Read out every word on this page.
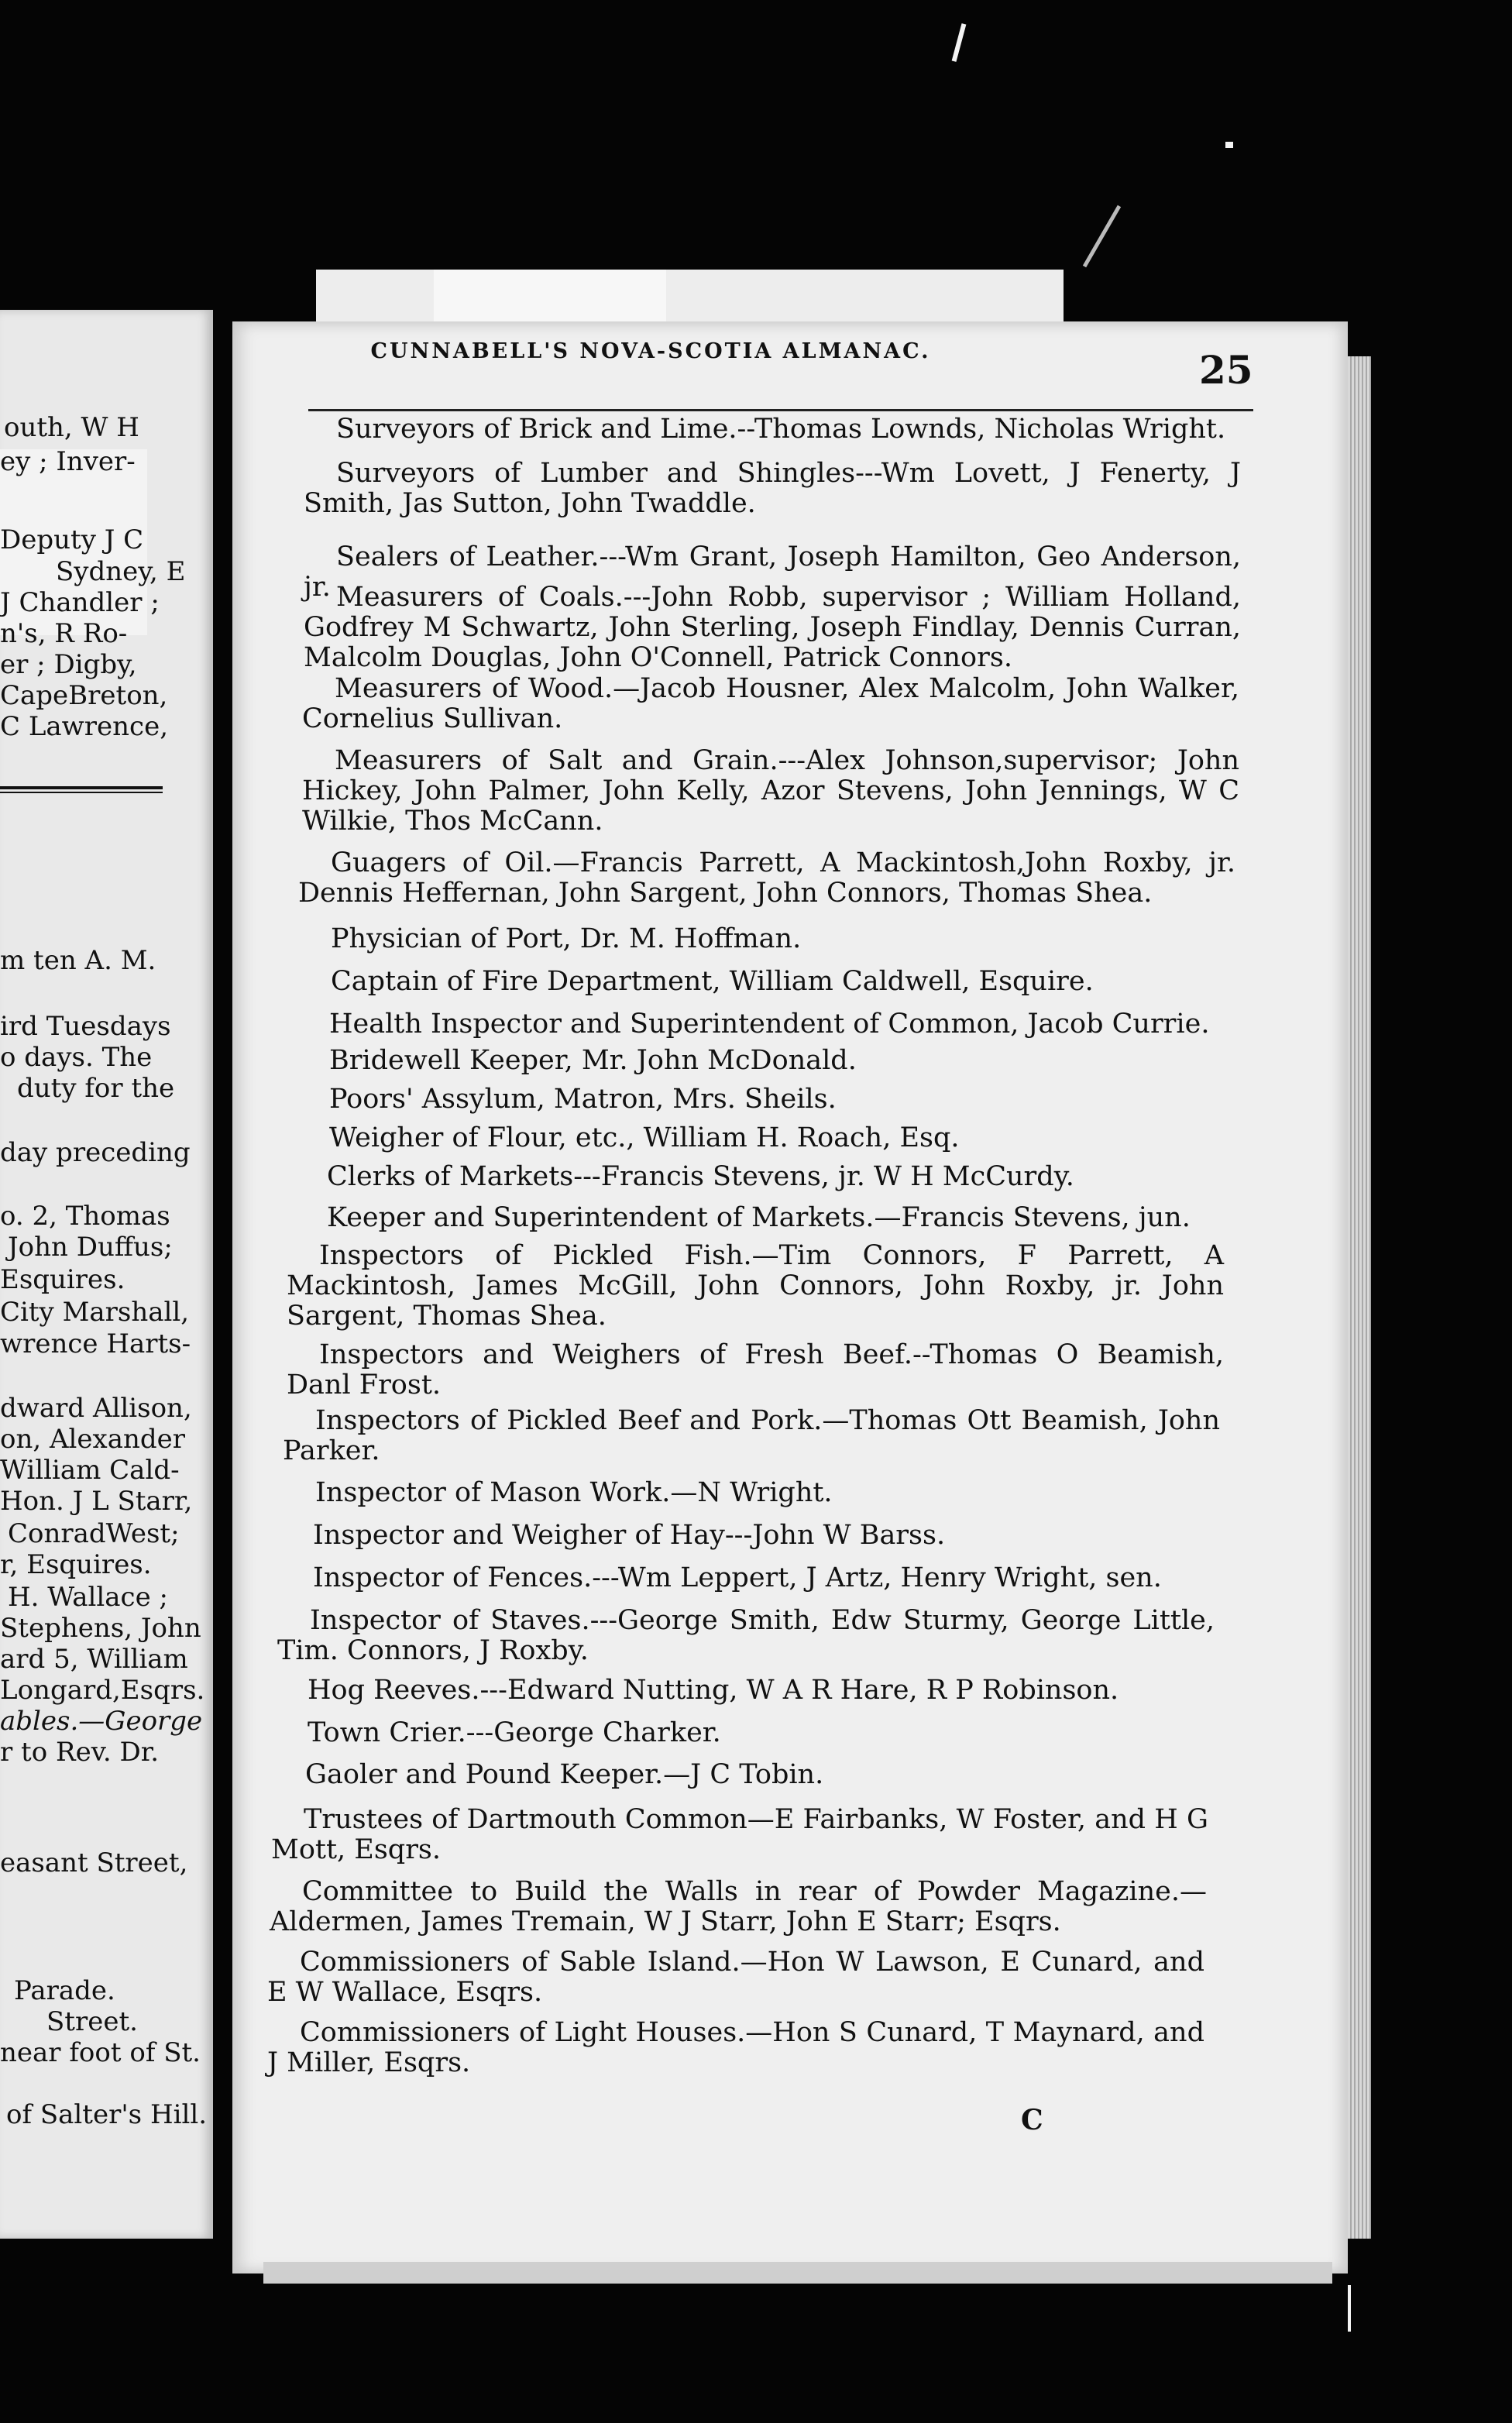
outh, W H
ey ; Inver-
Deputy J C
Sydney, E
J Chandler ;
n's, R Ro-
er ; Digby,
CapeBreton,
C Lawrence,
m ten A. M.
ird Tuesdays
o days. The
duty for the
day preceding
o. 2, Thomas
John Duffus;
Esquires.
City Marshall,
wrence Harts-
dward Allison,
on, Alexander
William Cald-
Hon. J L Starr,
ConradWest;
r, Esquires.
H. Wallace ;
Stephens, John
ard 5, William
Longard,Esqrs.
ables.—George
r to Rev. Dr.
easant Street,
Parade.
Street.
near foot of St.
of Salter's Hill.
CUNNABELL'S NOVA-SCOTIA ALMANAC.	25

Surveyors of Brick and Lime.--Thomas Lownds, Nicholas Wright.

Surveyors of Lumber and Shingles---Wm Lovett, J Fenerty, J Smith, Jas Sutton, John Twaddle.

Sealers of Leather.---Wm Grant, Joseph Hamilton, Geo Anderson, jr. Measurers of Coals.---John Robb, supervisor ; William Holland, Godfrey M Schwartz, John Sterling, Joseph Findlay, Dennis Curran, Malcolm Douglas, John O'Connell, Patrick Connors.

Measurers of Wood.—Jacob Housner, Alex Malcolm, John Walker, Cornelius Sullivan.

Measurers of Salt and Grain.---Alex Johnson,supervisor; John Hickey, John Palmer, John Kelly, Azor Stevens, John Jennings, W C Wilkie, Thos McCann.

Guagers of Oil.—Francis Parrett, A Mackintosh,John Roxby, jr. Dennis Heffernan, John Sargent, John Connors, Thomas Shea.

Physician of Port, Dr. M. Hoffman.

Captain of Fire Department, William Caldwell, Esquire.

Health Inspector and Superintendent of Common, Jacob Currie.

Bridewell Keeper, Mr. John McDonald.

Poors' Assylum, Matron, Mrs. Sheils.

Weigher of Flour, etc., William H. Roach, Esq.

Clerks of Markets---Francis Stevens, jr. W H McCurdy.

Keeper and Superintendent of Markets.—Francis Stevens, jun.

Inspectors of Pickled Fish.—Tim Connors, F Parrett, A Mackintosh, James McGill, John Connors, John Roxby, jr. John Sargent, Thomas Shea.

Inspectors and Weighers of Fresh Beef.--Thomas O Beamish, Danl Frost.

Inspectors of Pickled Beef and Pork.—Thomas Ott Beamish, John Parker.

Inspector of Mason Work.—N Wright.

Inspector and Weigher of Hay---John W Barss.

Inspector of Fences.---Wm Leppert, J Artz, Henry Wright, sen.

Inspector of Staves.---George Smith, Edw Sturmy, George Little, Tim. Connors, J Roxby.

Hog Reeves.---Edward Nutting, W A R Hare, R P Robinson.

Town Crier.---George Charker.

Gaoler and Pound Keeper.—J C Tobin.

Trustees of Dartmouth Common—E Fairbanks, W Foster, and H G Mott, Esqrs.

Committee to Build the Walls in rear of Powder Magazine.—Aldermen, James Tremain, W J Starr, John E Starr; Esqrs.

Commissioners of Sable Island.—Hon W Lawson, E Cunard, and E W Wallace, Esqrs.

Commissioners of Light Houses.—Hon S Cunard, T Maynard, and J Miller, Esqrs.

C
